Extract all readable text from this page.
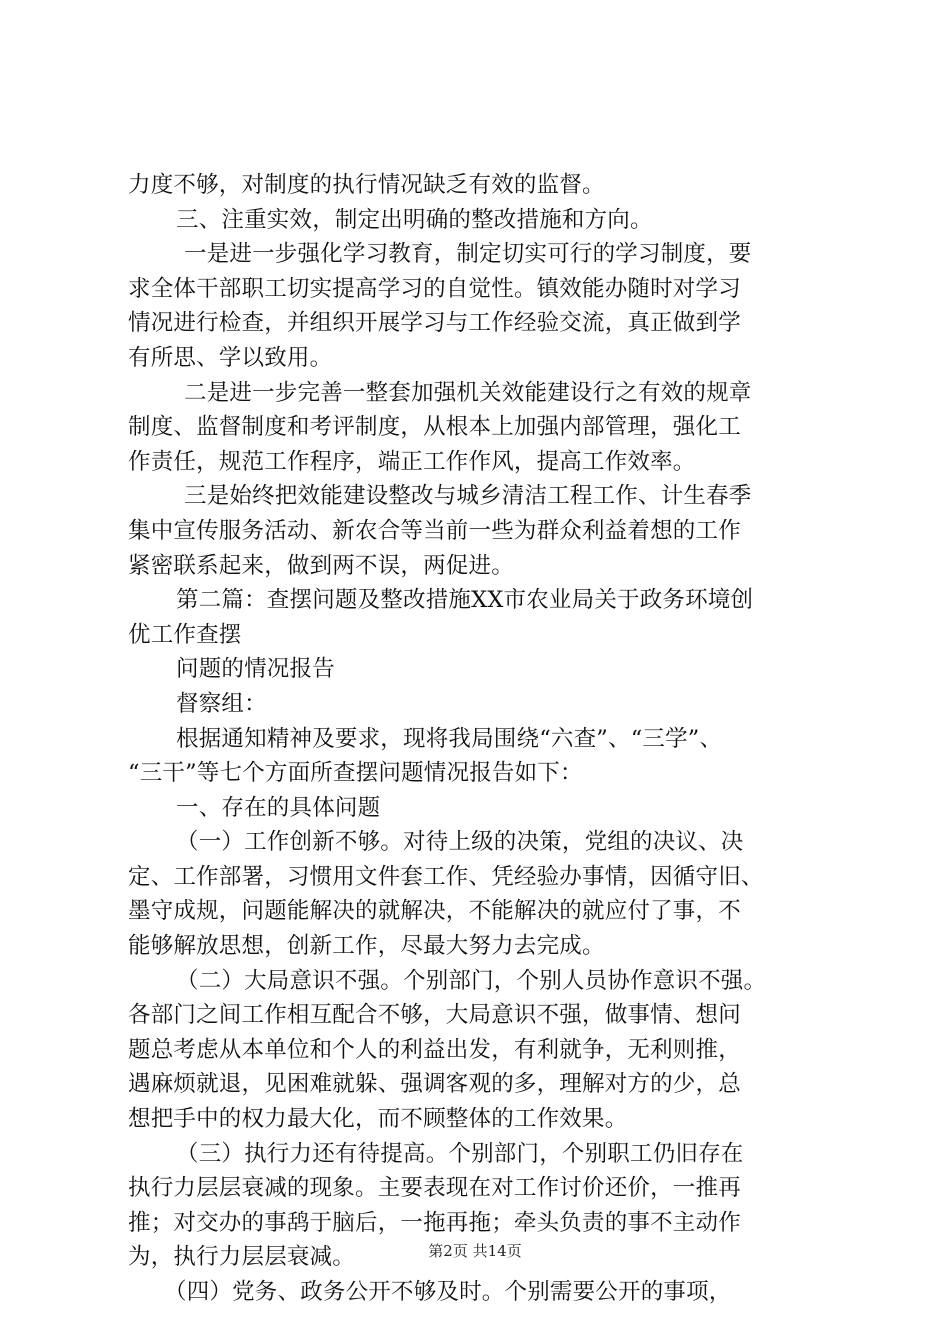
力度不够，对制度的执行情况缺乏有效的监督。
三、注重实效，制定出明确的整改措施和方向。
一是进一步强化学习教育，制定切实可行的学习制度，要
求全体干部职工切实提高学习的自觉性。镇效能办随时对学习
情况进行检查，并组织开展学习与工作经验交流，真正做到学
有所思、学以致用。
二是进一步完善一整套加强机关效能建设行之有效的规章
制度、监督制度和考评制度，从根本上加强内部管理，强化工
作责任，规范工作程序，端正工作作风，提高工作效率。
三是始终把效能建设整改与城乡清洁工程工作、计生春季
集中宣传服务活动、新农合等当前一些为群众利益着想的工作
紧密联系起来，做到两不误，两促进。
第二篇：查摆问题及整改措施XX市农业局关于政务环境创
优工作查摆
问题的情况报告
督察组：
根据通知精神及要求，现将我局围绕“六查”、“三学”、
“三干”等七个方面所查摆问题情况报告如下：
一、存在的具体问题
（一）工作创新不够。对待上级的决策，党组的决议、决
定、工作部署，习惯用文件套工作、凭经验办事情，因循守旧、
墨守成规，问题能解决的就解决，不能解决的就应付了事，不
能够解放思想，创新工作，尽最大努力去完成。
（二）大局意识不强。个别部门，个别人员协作意识不强。
各部门之间工作相互配合不够，大局意识不强，做事情、想问
题总考虑从本单位和个人的利益出发，有利就争，无利则推，
遇麻烦就退，见困难就躲、强调客观的多，理解对方的少，总
想把手中的权力最大化，而不顾整体的工作效果。
（三）执行力还有待提高。个别部门，个别职工仍旧存在
执行力层层衰减的现象。主要表现在对工作讨价还价，一推再
推；对交办的事鸹于脑后，一拖再拖；牵头负责的事不主动作
为，执行力层层衰减。
（四）党务、政务公开不够及时。个别需要公开的事项，
第2页 共14页
